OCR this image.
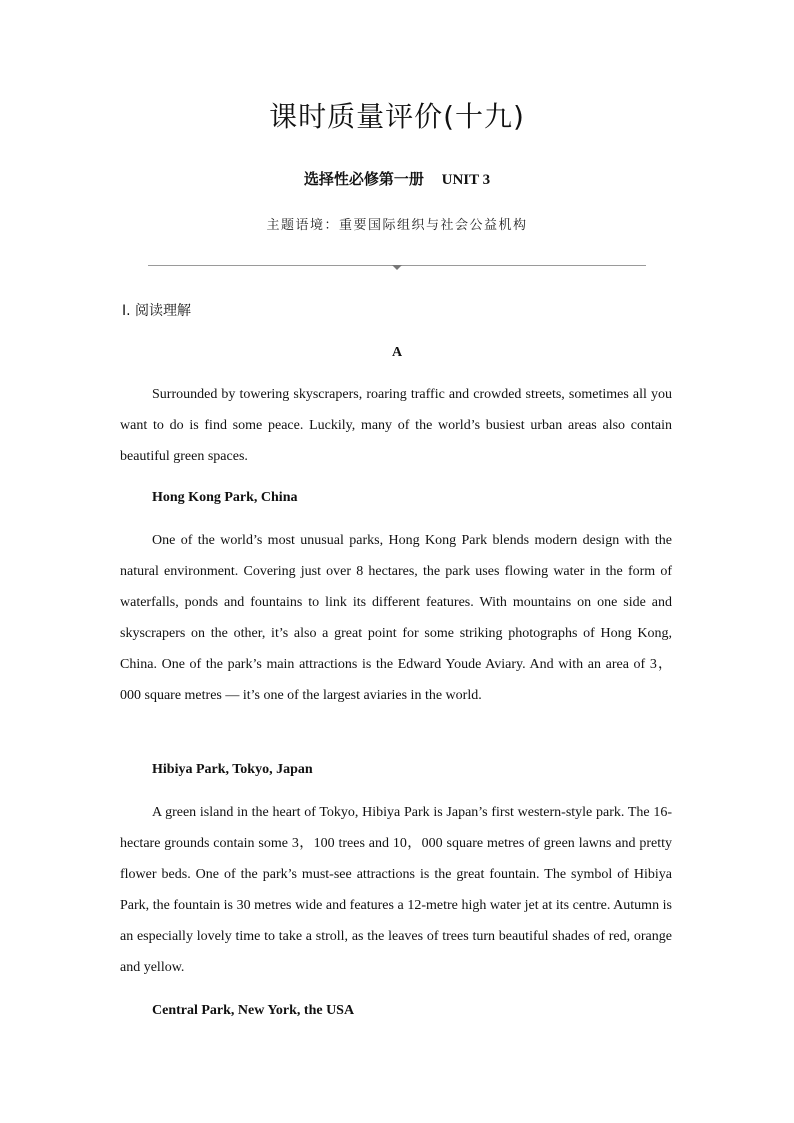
课时质量评价(十九)
选择性必修第一册 UNIT 3
主题语境：重要国际组织与社会公益机构
Ⅰ. 阅读理解
A

Surrounded by towering skyscrapers, roaring traffic and crowded streets, sometimes all you want to do is find some peace. Luckily, many of the world’s busiest urban areas also contain beautiful green spaces.

Hong Kong Park, China

One of the world’s most unusual parks, Hong Kong Park blends modern design with the natural environment. Covering just over 8 hectares, the park uses flowing water in the form of waterfalls, ponds and fountains to link its different features. With mountains on one side and skyscrapers on the other, it’s also a great point for some striking photographs of Hong Kong, China. One of the park’s main attractions is the Edward Youde Aviary. And with an area of 3，000 square metres — it’s one of the largest aviaries in the world.

Hibiya Park, Tokyo, Japan

A green island in the heart of Tokyo, Hibiya Park is Japan’s first western-style park. The 16-hectare grounds contain some 3，100 trees and 10，000 square metres of green lawns and pretty flower beds. One of the park’s must-see attractions is the great fountain. The symbol of Hibiya Park, the fountain is 30 metres wide and features a 12-metre high water jet at its centre. Autumn is an especially lovely time to take a stroll, as the leaves of trees turn beautiful shades of red, orange and yellow.

Central Park, New York, the USA
